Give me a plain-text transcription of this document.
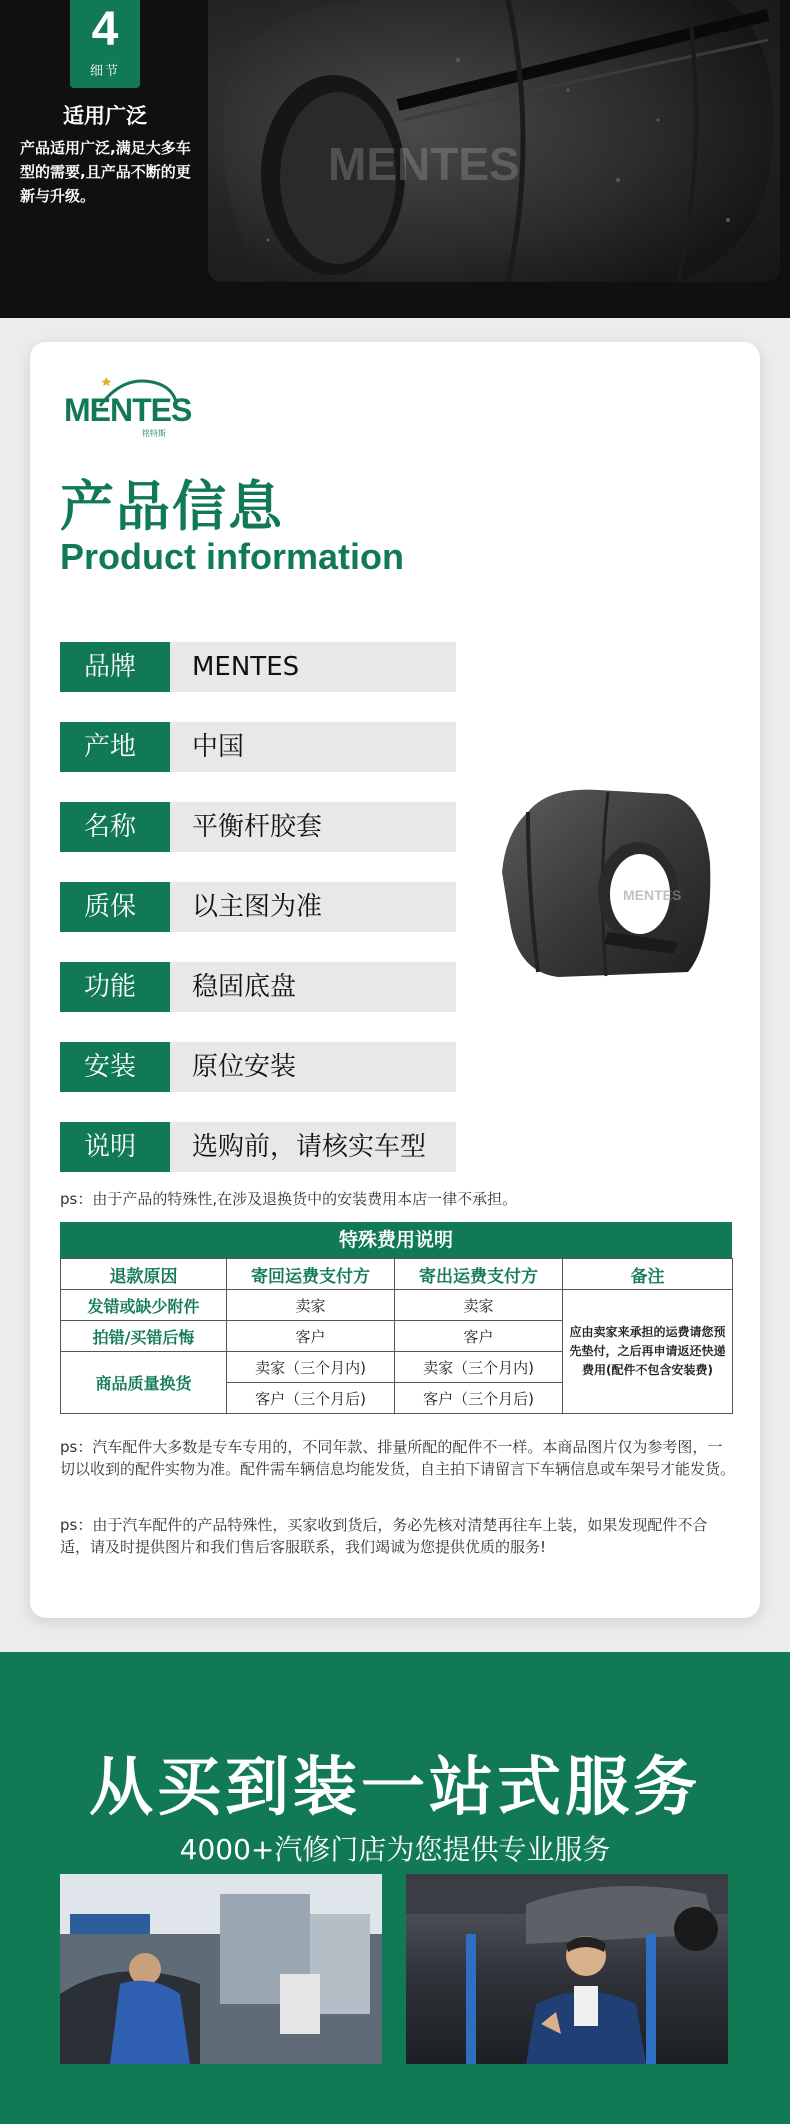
4
细节
适用广泛
产品适用广泛,满足大多车型的需要,且产品不断的更新与升级。
MENTES
MENTES
铭特斯
产品信息
Product information
品牌	MENTES
产地	中国
名称	平衡杆胶套
质保	以主图为准
功能	稳固底盘
安装	原位安装
说明	选购前，请核实车型
MENTES

ps：由于产品的特殊性,在涉及退换货中的安装费用本店一律不承担。

特殊费用说明
退款原因	寄回运费支付方	寄出运费支付方	备注
发错或缺少附件	卖家	卖家	应由卖家来承担的运费请您预先垫付，之后再申请返还快递费用(配件不包含安装费)
拍错/买错后悔	客户	客户	
商品质量换货	卖家（三个月内)	卖家（三个月内)	
	客户（三个月后)	客户（三个月后)	

ps：汽车配件大多数是专车专用的，不同年款、排量所配的配件不一样。本商品图片仅为参考图，一切以收到的配件实物为准。配件需车辆信息均能发货，自主拍下请留言下车辆信息或车架号才能发货。

ps：由于汽车配件的产品特殊性，买家收到货后，务必先核对清楚再往车上装，如果发现配件不合适，请及时提供图片和我们售后客服联系，我们竭诚为您提供优质的服务!

从买到装一站式服务
4000+汽修门店为您提供专业服务
